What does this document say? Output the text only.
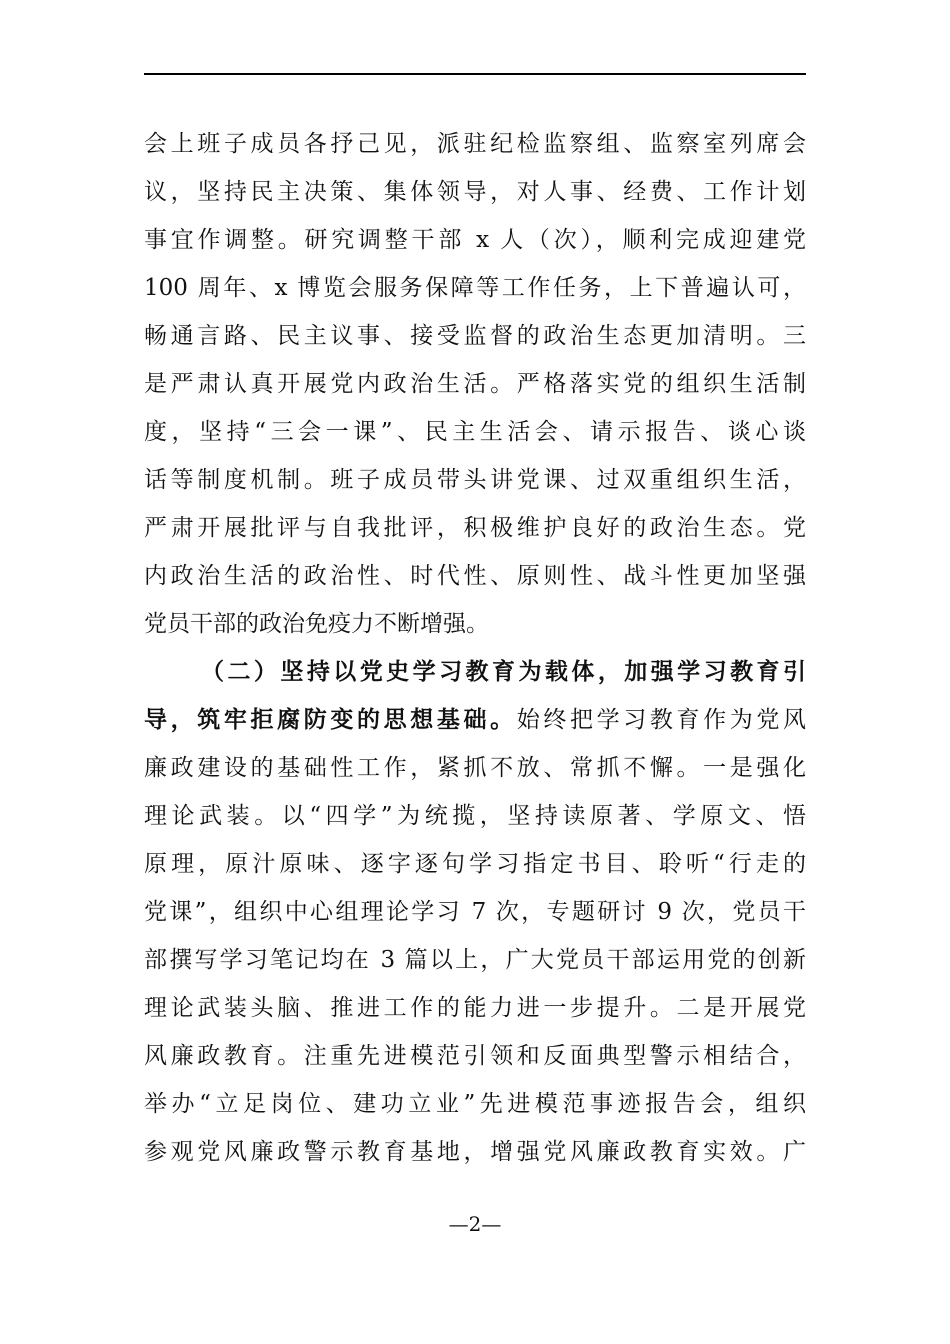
会上班子成员各抒己见，派驻纪检监察组、监察室列席会
议，坚持民主决策、集体领导，对人事、经费、工作计划
事宜作调整。研究调整干部 x 人（次），顺利完成迎建党
100 周年、x 博览会服务保障等工作任务，上下普遍认可，
畅通言路、民主议事、接受监督的政治生态更加清明。三
是严肃认真开展党内政治生活。严格落实党的组织生活制
度，坚持“三会一课”、民主生活会、请示报告、谈心谈
话等制度机制。班子成员带头讲党课、过双重组织生活，
严肃开展批评与自我批评，积极维护良好的政治生态。党
内政治生活的政治性、时代性、原则性、战斗性更加坚强
党员干部的政治免疫力不断增强。
（二）坚持以党史学习教育为载体，加强学习教育引
导，筑牢拒腐防变的思想基础。始终把学习教育作为党风
廉政建设的基础性工作，紧抓不放、常抓不懈。一是强化
理论武装。以“四学”为统揽，坚持读原著、学原文、悟
原理，原汁原味、逐字逐句学习指定书目、聆听“行走的
党课”，组织中心组理论学习 7 次，专题研讨 9 次，党员干
部撰写学习笔记均在 3 篇以上，广大党员干部运用党的创新
理论武装头脑、推进工作的能力进一步提升。二是开展党
风廉政教育。注重先进模范引领和反面典型警示相结合，
举办“立足岗位、建功立业”先进模范事迹报告会，组织
参观党风廉政警示教育基地，增强党风廉政教育实效。广
—2—
